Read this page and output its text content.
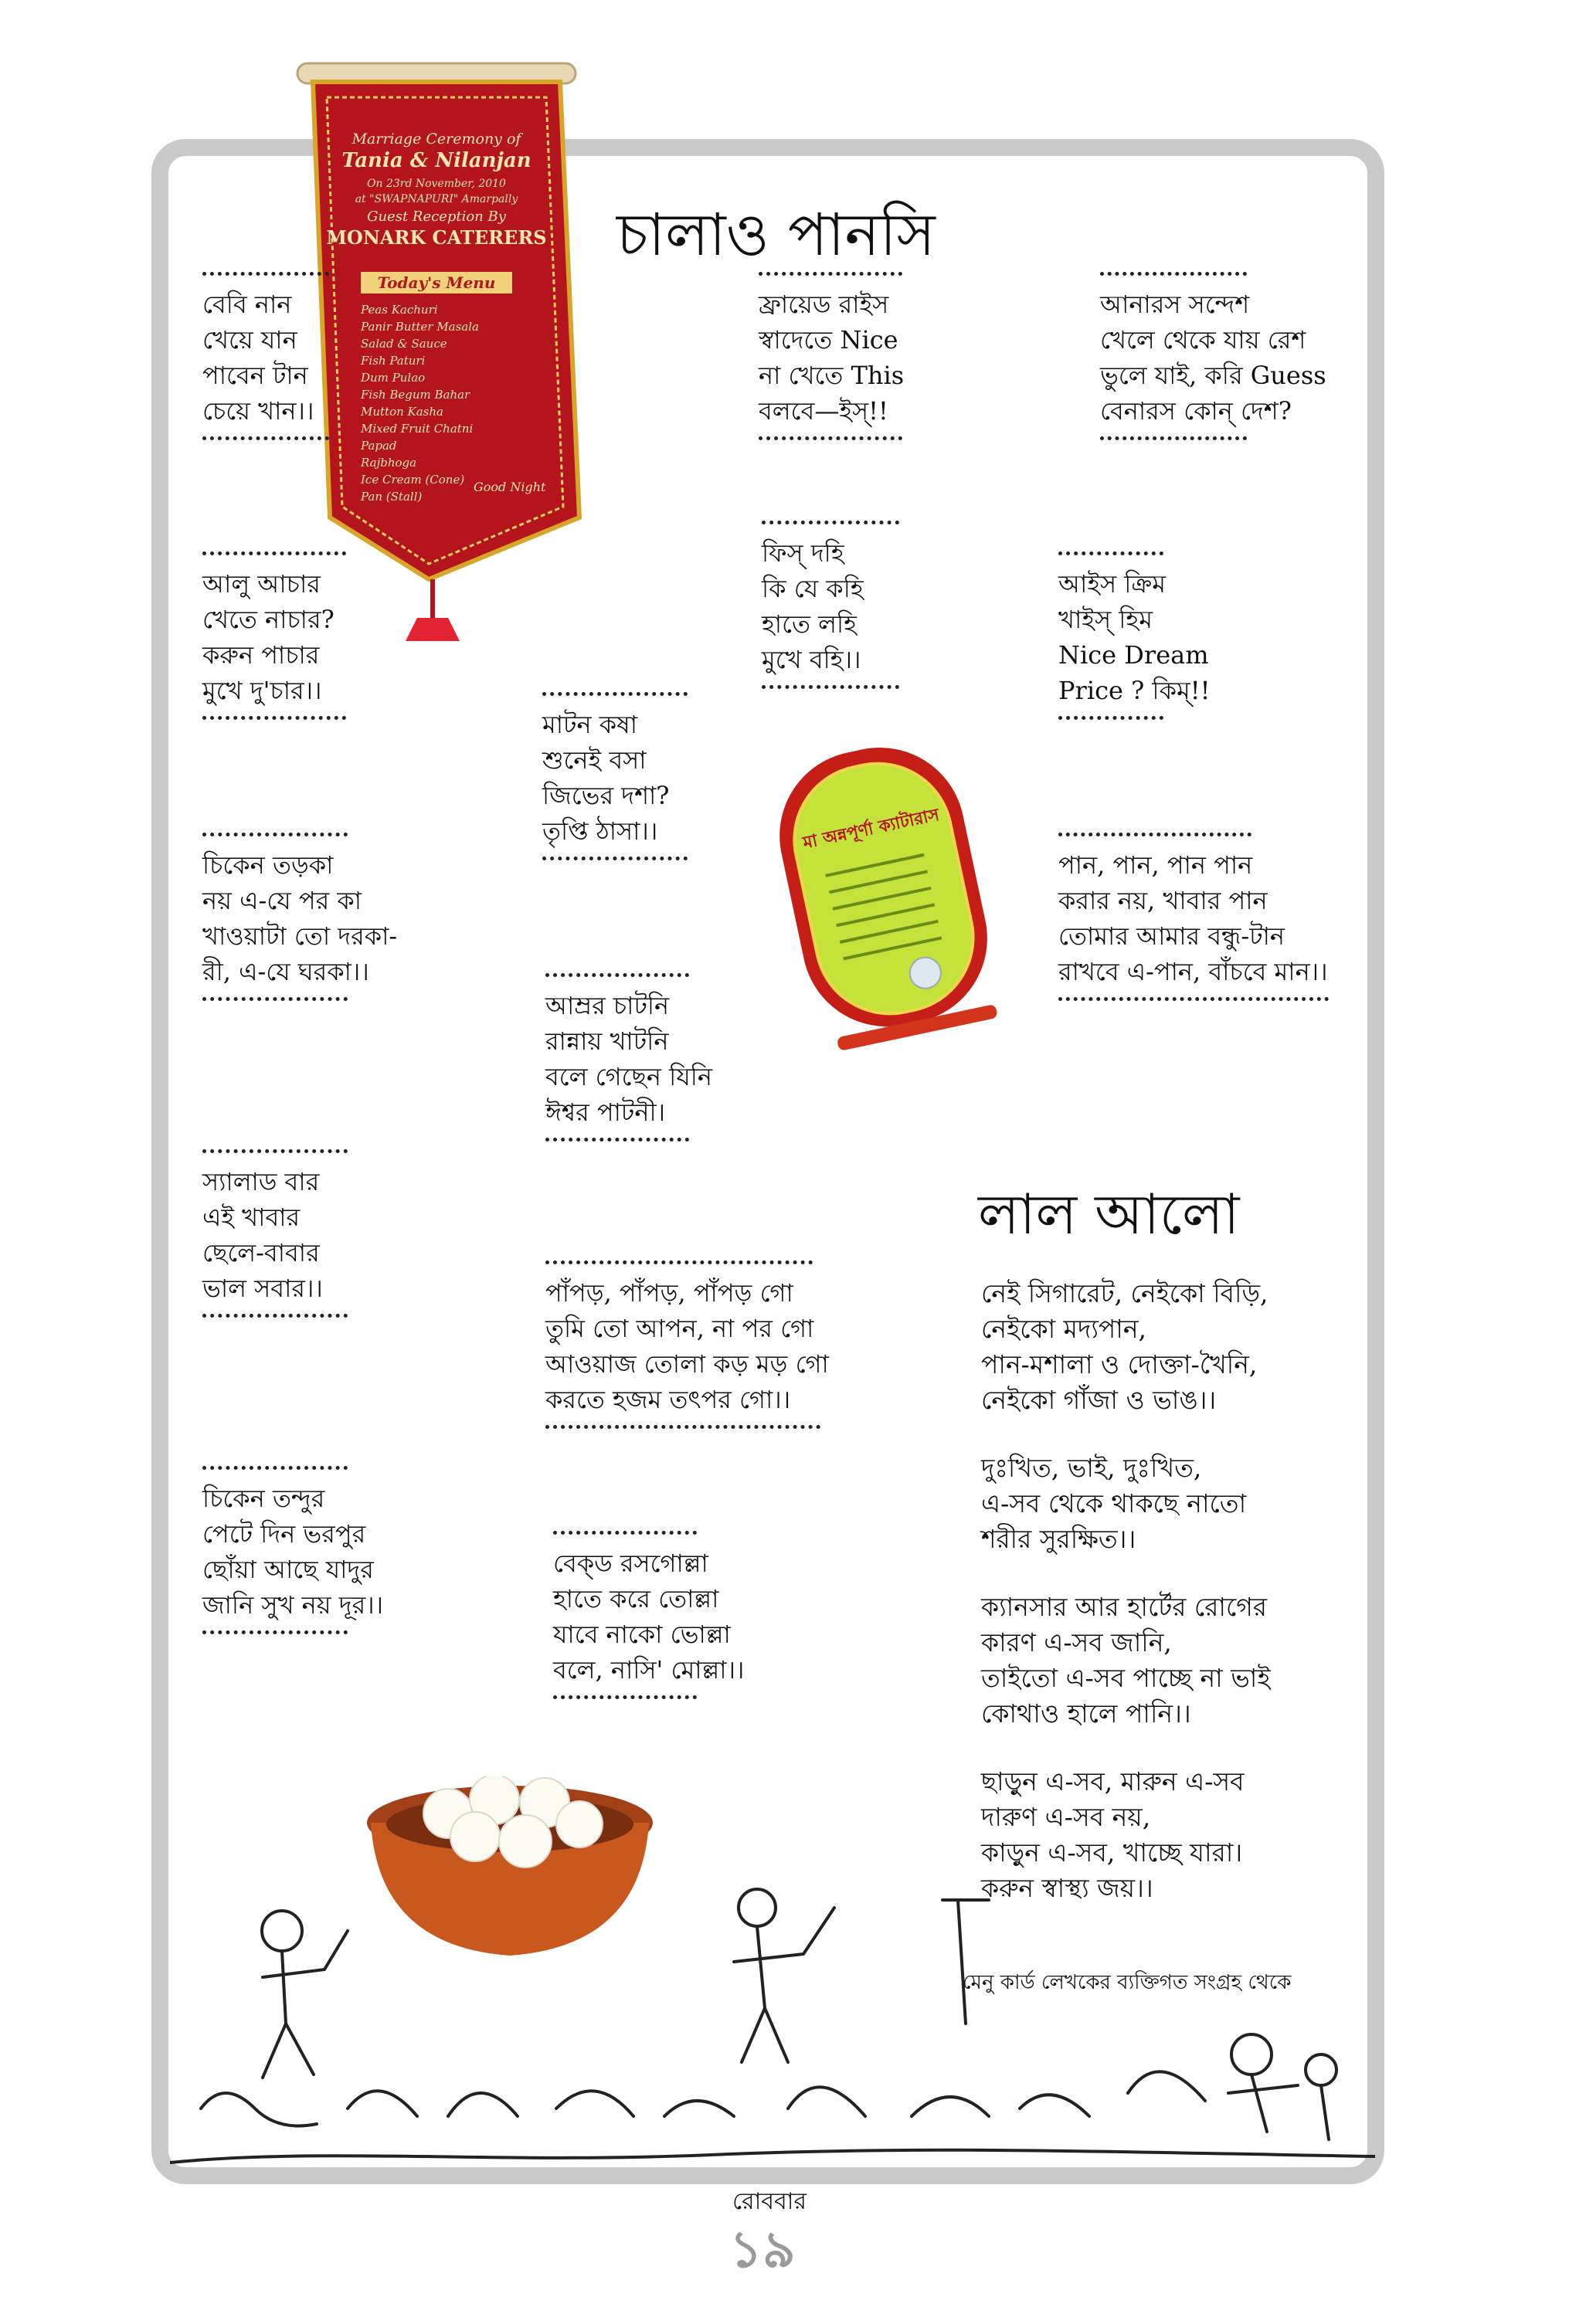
চালাও পানসি
লাল আলো
Marriage Ceremony of
Tania & Nilanjan
On 23rd November, 2010
at "SWAPNAPURI" Amarpally
Guest Reception By
MONARK CATERERS
Today's Menu
Peas Kachuri
Panir Butter Masala
Salad & Sauce
Fish Paturi
Dum Pulao
Fish Begum Bahar
Mutton Kasha
Mixed Fruit Chatni
Papad
Rajbhoga
Ice Cream (Cone)
Pan (Stall)
Good Night
মা অন্নপূর্ণা ক্যাটারাস
বেবি নান
খেয়ে যান
পাবেন টান
চেয়ে খান।।
ফ্রায়েড রাইস
স্বাদেতে Nice
না খেতে This
বলবে—ইস্!!
আনারস সন্দেশ
খেলে থেকে যায় রেশ
ভুলে যাই, করি Guess
বেনারস কোন্ দেশ?
আলু আচার
খেতে নাচার?
করুন পাচার
মুখে দু'চার।।
ফিস্ দহি
কি যে কহি
হাতে লহি
মুখে বহি।।
আইস ক্রিম
খাইস্ হিম
Nice Dream
Price ? কিম্!!
মাটন কষা
শুনেই বসা
জিভের দশা?
তৃপ্তি ঠাসা।।
চিকেন তড়কা
নয় এ-যে পর কা
খাওয়াটা তো দরকা-
রী, এ-যে ঘরকা।।
পান, পান, পান পান
করার নয়, খাবার পান
তোমার আমার বন্ধু-টান
রাখবে এ-পান, বাঁচবে মান।।
আম্রর চাটনি
রান্নায় খাটনি
বলে গেছেন যিনি
ঈশ্বর পাটনী।
স্যালাড বার
এই খাবার
ছেলে-বাবার
ভাল সবার।।	পাঁপড়, পাঁপড়, পাঁপড় গো
তুমি তো আপন, না পর গো
আওয়াজ তোলা কড় মড় গো
করতে হজম তৎপর গো।।
চিকেন তন্দুর
পেটে দিন ভরপুর
ছোঁয়া আছে যাদুর
জানি সুখ নয় দূর।।
বেক্ড রসগোল্লা
হাতে করে তোল্লা
যাবে নাকো ভোল্লা
বলে, নাসি' মোল্লা।।
নেই সিগারেট, নেইকো বিড়ি,
নেইকো মদ্যপান,
পান-মশালা ও দোক্তা-খৈনি,
নেইকো গাঁজা ও ভাঙ।।
দুঃখিত, ভাই, দুঃখিত,
এ-সব থেকে থাকছে নাতো
শরীর সুরক্ষিত।।
ক্যানসার আর হার্টের রোগের
কারণ এ-সব জানি,
তাইতো এ-সব পাচ্ছে না ভাই
কোথাও হালে পানি।।
ছাড়ুন এ-সব, মারুন এ-সব
দারুণ এ-সব নয়,
কাড়ুন এ-সব, খাচ্ছে যারা।
করুন স্বাস্থ্য জয়।।
মেনু কার্ড লেখকের ব্যক্তিগত সংগ্রহ থেকে
রোববার
১৯
